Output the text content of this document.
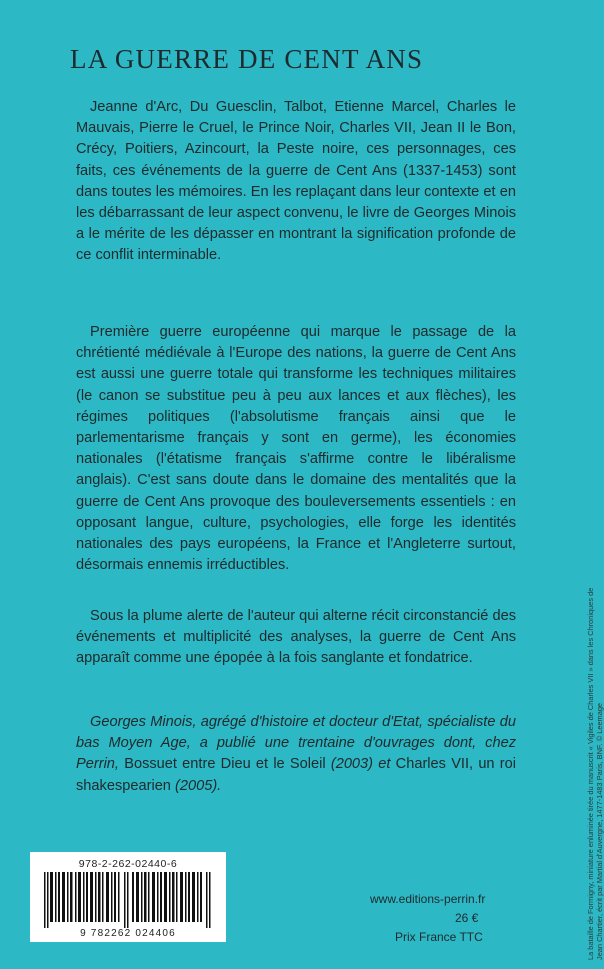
LA GUERRE DE CENT ANS
Jeanne d'Arc, Du Guesclin, Talbot, Etienne Marcel, Charles le Mauvais, Pierre le Cruel, le Prince Noir, Charles VII, Jean II le Bon, Crécy, Poitiers, Azincourt, la Peste noire, ces personnages, ces faits, ces événements de la guerre de Cent Ans (1337-1453) sont dans toutes les mémoires. En les replaçant dans leur contexte et en les débarrassant de leur aspect convenu, le livre de Georges Minois a le mérite de les dépasser en montrant la signification profonde de ce conflit interminable.
Première guerre européenne qui marque le passage de la chrétienté médiévale à l'Europe des nations, la guerre de Cent Ans est aussi une guerre totale qui transforme les techniques militaires (le canon se substitue peu à peu aux lances et aux flèches), les régimes politiques (l'absolutisme français ainsi que le parlementarisme français y sont en germe), les économies nationales (l'étatisme français s'affirme contre le libéralisme anglais). C'est sans doute dans le domaine des mentalités que la guerre de Cent Ans provoque des bouleversements essentiels : en opposant langue, culture, psychologies, elle forge les identités nationales des pays européens, la France et l'Angleterre surtout, désormais ennemis irréductibles.
Sous la plume alerte de l'auteur qui alterne récit circonstancié des événements et multiplicité des analyses, la guerre de Cent Ans apparaît comme une épopée à la fois sanglante et fondatrice.
Georges Minois, agrégé d'histoire et docteur d'Etat, spécialiste du bas Moyen Age, a publié une trentaine d'ouvrages dont, chez Perrin, Bossuet entre Dieu et le Soleil (2003) et Charles VII, un roi shakespearien (2005).
978-2-262-02440-6
9 782262 024406
www.editions-perrin.fr
26 €
Prix France TTC	La bataille de Formigny, miniature enluminée tirée du manuscrit « Vigiles de Charles VII » dans les Chroniques de Jean Chartier, écrit par Martial d'Auvergne, 1477-1483 Paris, BNF. © Leemage
